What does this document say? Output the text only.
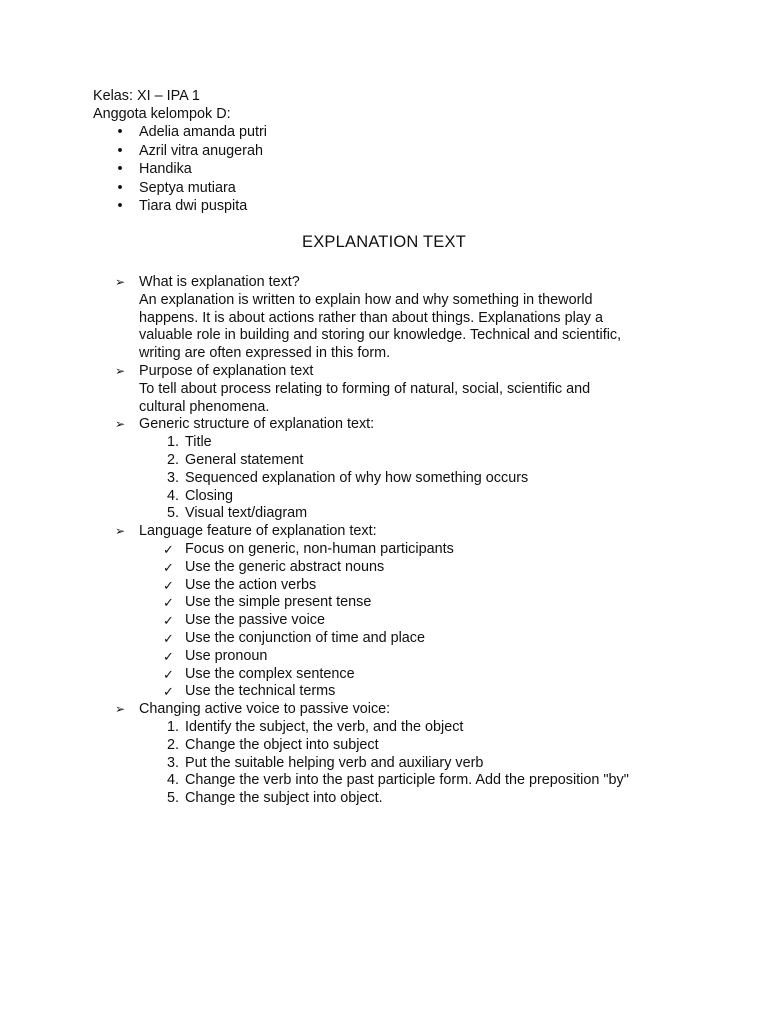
Kelas: XI – IPA 1
Anggota kelompok D:
• Adelia amanda putri
• Azril vitra anugerah
• Handika
• Septya mutiara
• Tiara dwi puspita
EXPLANATION TEXT
➢ What is explanation text?
An explanation is written to explain how and why something in theworld
happens. It is about actions rather than about things. Explanations play a
valuable role in building and storing our knowledge. Technical and scientific,
writing are often expressed in this form.
➢ Purpose of explanation text
To tell about process relating to forming of natural, social, scientific and
cultural phenomena.
➢ Generic structure of explanation text:
1. Title
2. General statement
3. Sequenced explanation of why how something occurs
4. Closing
5. Visual text/diagram
➢ Language feature of explanation text:
✓ Focus on generic, non-human participants
✓ Use the generic abstract nouns
✓ Use the action verbs
✓ Use the simple present tense
✓ Use the passive voice
✓ Use the conjunction of time and place
✓ Use pronoun
✓ Use the complex sentence
✓ Use the technical terms
➢ Changing active voice to passive voice:
1. Identify the subject, the verb, and the object
2. Change the object into subject
3. Put the suitable helping verb and auxiliary verb
4. Change the verb into the past participle form. Add the preposition "by"
5. Change the subject into object.
